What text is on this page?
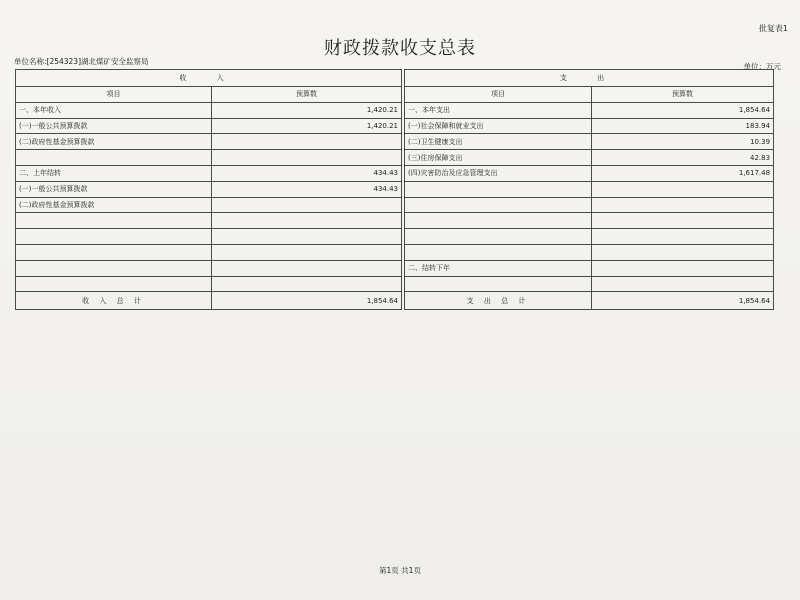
批复表1
财政拨款收支总表
单位名称:[254323]湖北煤矿安全监察局
单位：万元
收 入			支 出	
项目	预算数		项目	预算数
一、本年收入	1,420.21		一、本年支出	1,854.64
(一)一般公共预算拨款	1,420.21		(一)社会保障和就业支出	183.94
(二)政府性基金预算拨款			(二)卫生健康支出	10.39
			(三)住房保障支出	42.83
二、上年结转	434.43		(四)灾害防治及应急管理支出	1,617.48
(一)一般公共预算拨款	434.43			
(二)政府性基金预算拨款				

			二、结转下年	

收 入 总 计	1,854.64		支 出 总 计	1,854.64
第1页 共1页
